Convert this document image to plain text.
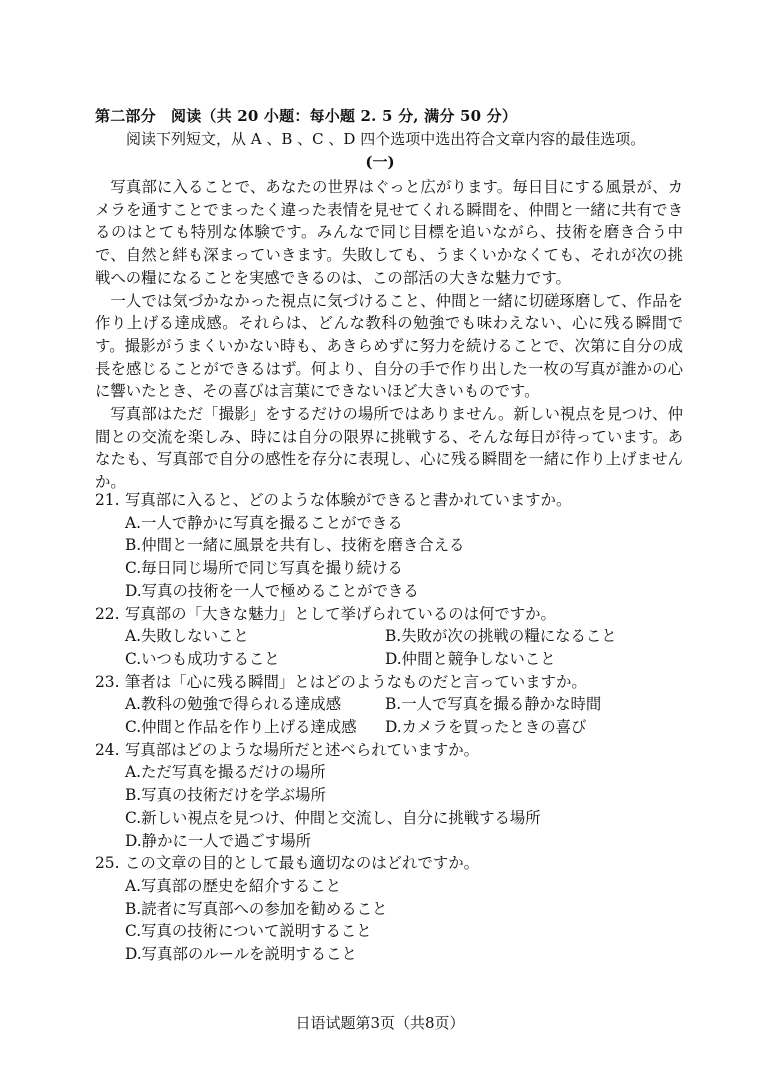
第二部分　阅读（共 20 小题：每小题 2. 5 分, 满分 50 分）
阅读下列短文，从 A 、B 、C 、D 四个选项中选出符合文章内容的最佳选项。
(一)

写真部に入ることで、あなたの世界はぐっと広がります。毎日目にする風景が、カメラを通すことでまったく違った表情を見せてくれる瞬間を、仲間と一緒に共有できるのはとても特別な体験です。みんなで同じ目標を追いながら、技術を磨き合う中で、自然と絆も深まっていきます。失敗しても、うまくいかなくても、それが次の挑戦への糧になることを実感できるのは、この部活の大きな魅力です。

一人では気づかなかった視点に気づけること、仲間と一緒に切磋琢磨して、作品を作り上げる達成感。それらは、どんな教科の勉強でも味わえない、心に残る瞬間です。撮影がうまくいかない時も、あきらめずに努力を続けることで、次第に自分の成長を感じることができるはず。何より、自分の手で作り出した一枚の写真が誰かの心に響いたとき、その喜びは言葉にできないほど大きいものです。

写真部はただ「撮影」をするだけの場所ではありません。新しい視点を見つけ、仲間との交流を楽しみ、時には自分の限界に挑戦する、そんな毎日が待っています。あなたも、写真部で自分の感性を存分に表現し、心に残る瞬間を一緒に作り上げませんか。

21. 写真部に入ると、どのような体験ができると書かれていますか。
A.一人で静かに写真を撮ることができる
B.仲間と一緒に風景を共有し、技術を磨き合える
C.毎日同じ場所で同じ写真を撮り続ける
D.写真の技術を一人で極めることができる
22. 写真部の「大きな魅力」として挙げられているのは何ですか。
A.失敗しないこと	B.失敗が次の挑戦の糧になること
C.いつも成功すること	D.仲間と競争しないこと
23. 筆者は「心に残る瞬間」とはどのようなものだと言っていますか。
A.教科の勉強で得られる達成感	B.一人で写真を撮る静かな時間
C.仲間と作品を作り上げる達成感	D.カメラを買ったときの喜び
24. 写真部はどのような場所だと述べられていますか。
A.ただ写真を撮るだけの場所
B.写真の技術だけを学ぶ場所
C.新しい視点を見つけ、仲間と交流し、自分に挑戦する場所
D.静かに一人で過ごす場所
25. この文章の目的として最も適切なのはどれですか。
A.写真部の歴史を紹介すること
B.読者に写真部への参加を勧めること
C.写真の技術について説明すること
D.写真部のルールを説明すること
日语试题第3页（共8页）
